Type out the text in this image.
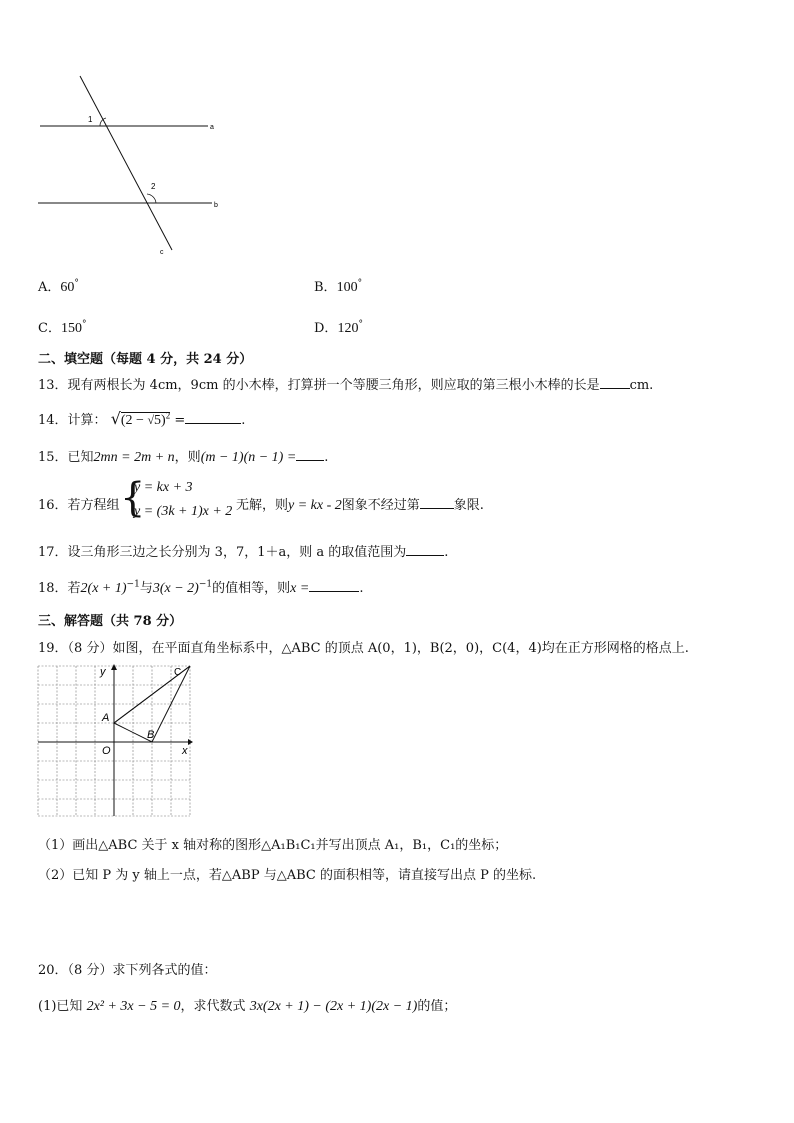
1
2
a
b
c
A．60°	B．100°
C．150°	D．120°
二、填空题（每题 4 分，共 24 分）
13．现有两根长为 4cm，9cm 的小木棒，打算拼一个等腰三角形，则应取的第三根小木棒的长是 cm.
14．计算： $√(2 - √5)^2$ =	.
15．已知2mn = 2m + n，则(m − 1)(n − 1) = .
16．若方程组 {
y = kx + 3
y = (3k + 1)x + 2 无解，则y = kx - 2图象不经过第	象限.
17．设三角形三边之长分别为 3，7，1＋a，则 a 的取值范围为	.
18．若$2(x + 1)^{-1}$与$3(x - 2)^{-1}$的值相等，则x =	.
三、解答题（共 78 分）
19．（8 分）如图，在平面直角坐标系中，△ABC 的顶点 A(0，1)，B(2，0)，C(4，4)均在正方形网格的格点上.
y
x
O
A
B
C
（1）画出△ABC 关于 x 轴对称的图形△A₁B₁C₁并写出顶点 A₁，B₁，C₁的坐标；
（2）已知 P 为 y 轴上一点，若△ABP 与△ABC 的面积相等，请直接写出点 P 的坐标.
20．（8 分）求下列各式的值：
(1)已知 2x² + 3x − 5 = 0，求代数式 3x(2x + 1) − (2x + 1)(2x − 1)的值；
